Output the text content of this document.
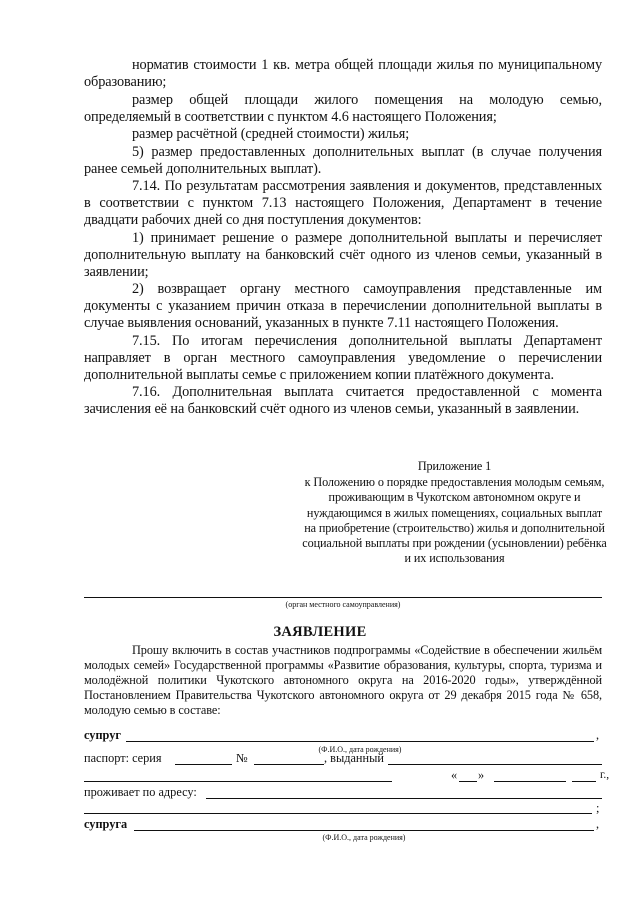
норматив стоимости 1 кв. метра общей площади жилья по муниципальному образованию;

размер общей площади жилого помещения на молодую семью, определяемый в соответствии с пунктом 4.6 настоящего Положения;

размер расчётной (средней стоимости) жилья;

5) размер предоставленных дополнительных выплат (в случае получения ранее семьей дополнительных выплат).

7.14. По результатам рассмотрения заявления и документов, представленных в соответствии с пунктом 7.13 настоящего Положения, Департамент в течение двадцати рабочих дней со дня поступления документов:

1) принимает решение о размере дополнительной выплаты и перечисляет дополнительную выплату на банковский счёт одного из членов семьи, указанный в заявлении;

2) возвращает органу местного самоуправления представленные им документы с указанием причин отказа в перечислении дополнительной выплаты в случае выявления оснований, указанных в пункте 7.11 настоящего Положения.

7.15. По итогам перечисления дополнительной выплаты Департамент направляет в орган местного самоуправления уведомление о перечислении дополнительной выплаты семье с приложением копии платёжного документа.

7.16. Дополнительная выплата считается предоставленной с момента зачисления её на банковский счёт одного из членов семьи, указанный в заявлении.

Приложение 1
к Положению о порядке предоставления молодым семьям, проживающим в Чукотском автономном округе и нуждающимся в жилых помещениях, социальных выплат на приобретение (строительство) жилья и дополнительной социальной выплаты при рождении (усыновлении) ребёнка и их использования
(орган местного самоуправления)
ЗАЯВЛЕНИЕ

Прошу включить в состав участников подпрограммы «Содействие в обеспечении жильём молодых семей» Государственной программы «Развитие образования, культуры, спорта, туризма и молодёжной политики Чукотского автономного округа на 2016-2020 годы», утверждённой Постановлением Правительства Чукотского автономного округа от 29 декабря 2015 года № 658, молодую семью в составе:

супруг	,
(Ф.И.О., дата рождения)
паспорт: серия	№	, выданный
« »	г.,
проживает по адресу:
;
супруга	,
(Ф.И.О., дата рождения)
